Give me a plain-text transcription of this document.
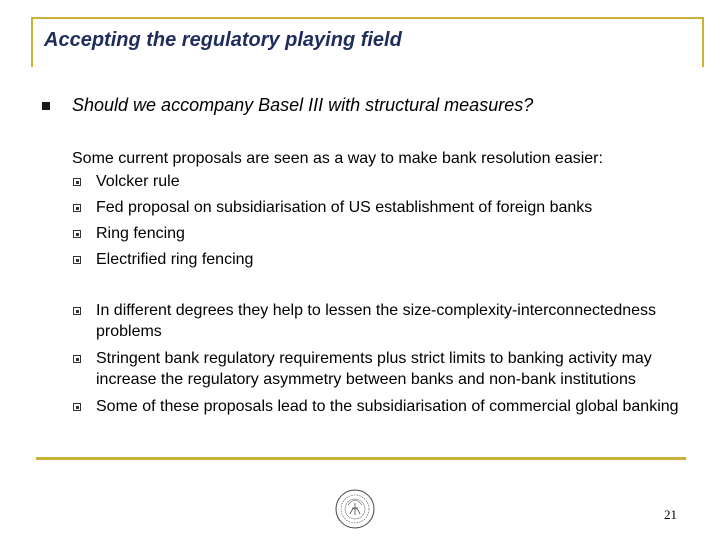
Accepting the regulatory playing field
Should we accompany Basel III with structural measures?
Some current proposals are seen as a way to make bank resolution easier:
Volcker rule
Fed proposal on subsidiarisation of US establishment of foreign banks
Ring fencing
Electrified ring fencing
In different degrees they help to lessen the size-complexity-interconnectedness problems
Stringent bank regulatory requirements plus strict limits to banking activity may increase the regulatory asymmetry between banks and non-bank institutions
Some of these proposals lead to the subsidiarisation of commercial global banking
21
